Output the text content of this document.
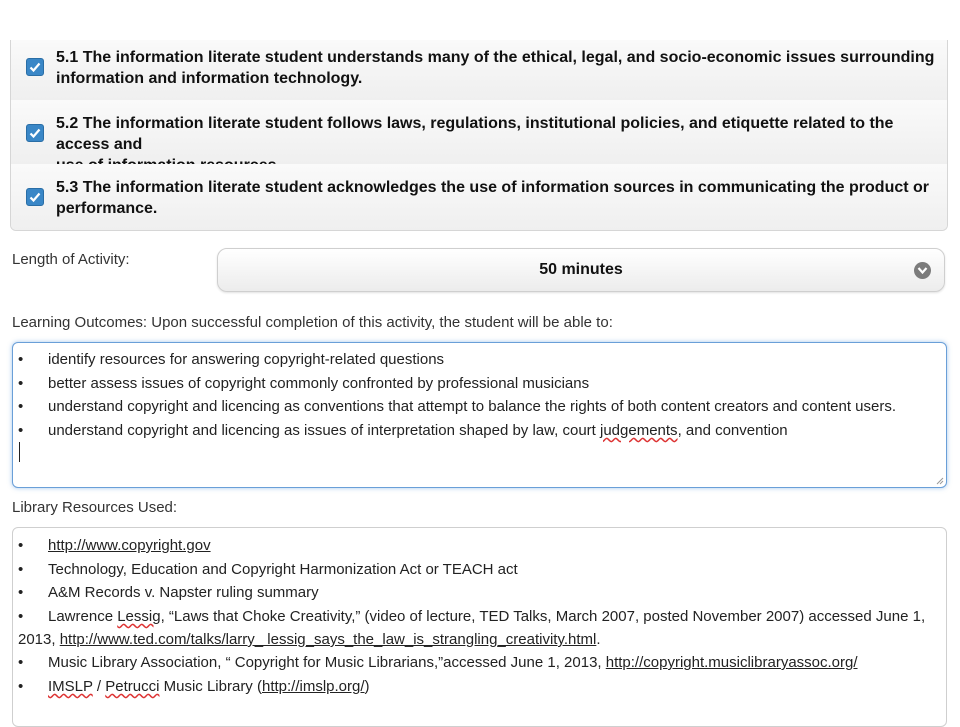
5.1 The information literate student understands many of the ethical, legal, and socio-economic issues surrounding
information and information technology.
5.2 The information literate student follows laws, regulations, institutional policies, and etiquette related to the access and

5.3 The information literate student acknowledges the use of information sources in communicating the product or
performance.
Length of Activity:
50 minutes
Learning Outcomes: Upon successful completion of this activity, the student will be able to:
• identify resources for answering copyright-related questions
• better assess issues of copyright commonly confronted by professional musicians
• understand copyright and licencing as conventions that attempt to balance the rights of both content creators and content users.
• understand copyright and licencing as issues of interpretation shaped by law, court judgements, and convention
Library Resources Used:
• http://www.copyright.gov
• Technology, Education and Copyright Harmonization Act or TEACH act
• A&M Records v. Napster ruling summary
• Lawrence Lessig, “Laws that Choke Creativity,” (video of lecture, TED Talks, March 2007, posted November 2007) accessed June 1,
2013, http://www.ted.com/talks/larry_ lessig_says_the_law_is_strangling_creativity.html.
• Music Library Association, “ Copyright for Music Librarians,”accessed June 1, 2013, http://copyright.musiclibraryassoc.org/
• IMSLP / Petrucci Music Library (http://imslp.org/)
